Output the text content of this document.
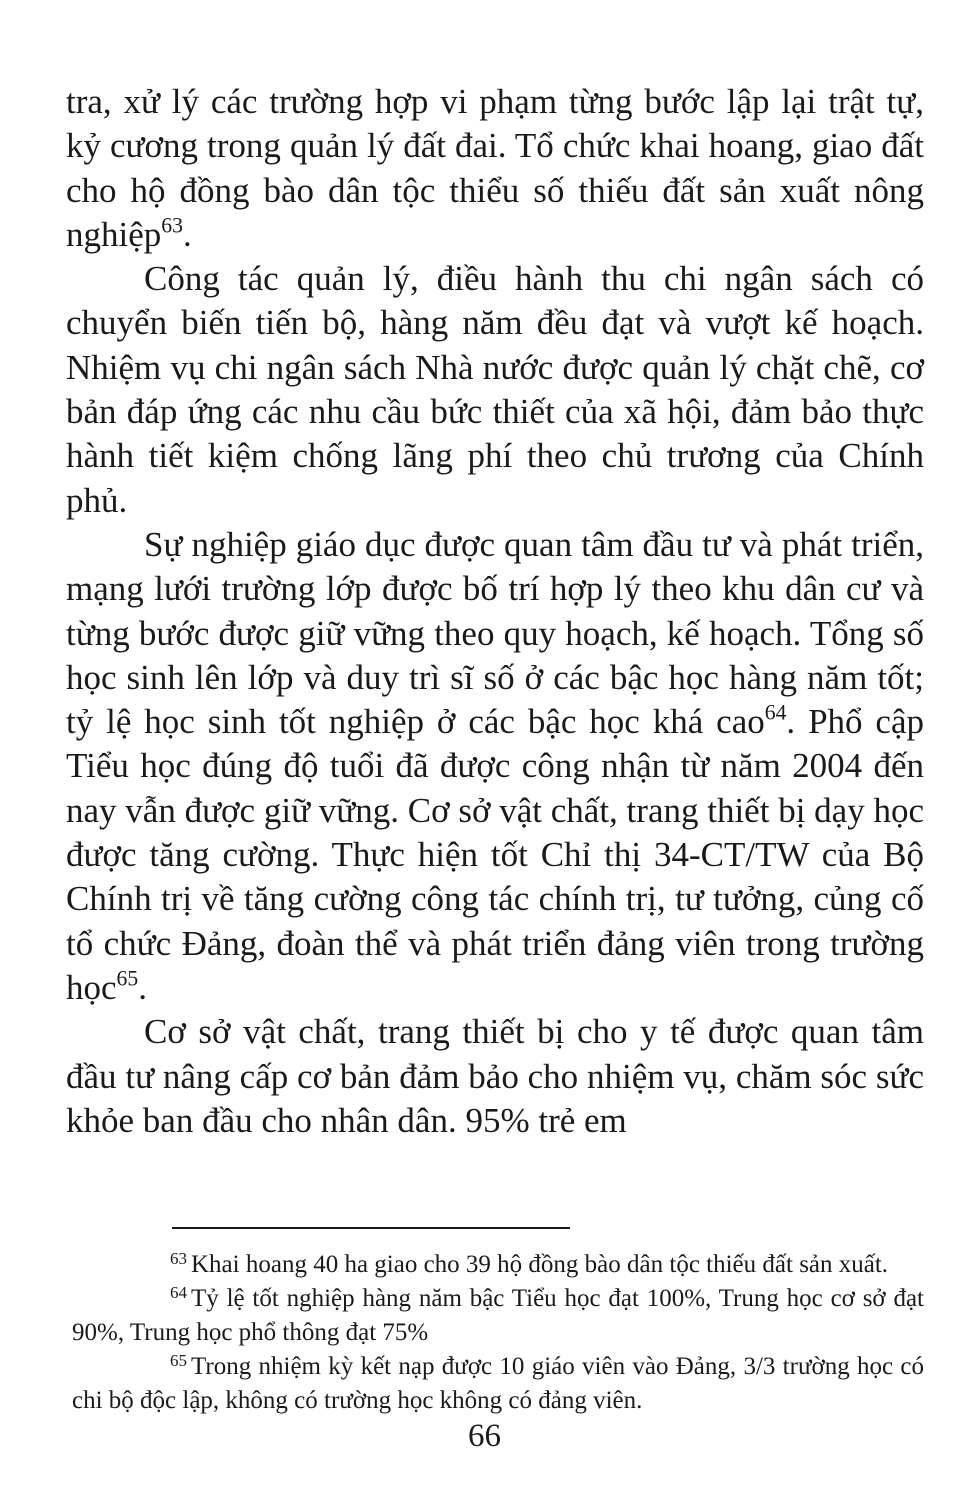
tra, xử lý các trường hợp vi phạm từng bước lập lại trật tự, kỷ cương trong quản lý đất đai. Tổ chức khai hoang, giao đất cho hộ đồng bào dân tộc thiểu số thiếu đất sản xuất nông nghiệp$^{63}$.

Công tác quản lý, điều hành thu chi ngân sách có chuyển biến tiến bộ, hàng năm đều đạt và vượt kế hoạch. Nhiệm vụ chi ngân sách Nhà nước được quản lý chặt chẽ, cơ bản đáp ứng các nhu cầu bức thiết của xã hội, đảm bảo thực hành tiết kiệm chống lãng phí theo chủ trương của Chính phủ.

Sự nghiệp giáo dục được quan tâm đầu tư và phát triển, mạng lưới trường lớp được bố trí hợp lý theo khu dân cư và từng bước được giữ vững theo quy hoạch, kế hoạch. Tổng số học sinh lên lớp và duy trì sĩ số ở các bậc học hàng năm tốt; tỷ lệ học sinh tốt nghiệp ở các bậc học khá cao$^{64}$. Phổ cập Tiểu học đúng độ tuổi đã được công nhận từ năm 2004 đến nay vẫn được giữ vững. Cơ sở vật chất, trang thiết bị dạy học được tăng cường. Thực hiện tốt Chỉ thị 34-CT/TW của Bộ Chính trị về tăng cường công tác chính trị, tư tưởng, củng cố tổ chức Đảng, đoàn thể và phát triển đảng viên trong trường học$^{65}$.

Cơ sở vật chất, trang thiết bị cho y tế được quan tâm đầu tư nâng cấp cơ bản đảm bảo cho nhiệm vụ, chăm sóc sức khỏe ban đầu cho nhân dân. 95% trẻ em

$^{63}$ Khai hoang 40 ha giao cho 39 hộ đồng bào dân tộc thiếu đất sản xuất.

$^{64}$ Tỷ lệ tốt nghiệp hàng năm bậc Tiểu học đạt 100%, Trung học cơ sở đạt 90%, Trung học phổ thông đạt 75%

$^{65}$ Trong nhiệm kỳ kết nạp được 10 giáo viên vào Đảng, 3/3 trường học có chi bộ độc lập, không có trường học không có đảng viên.

66
